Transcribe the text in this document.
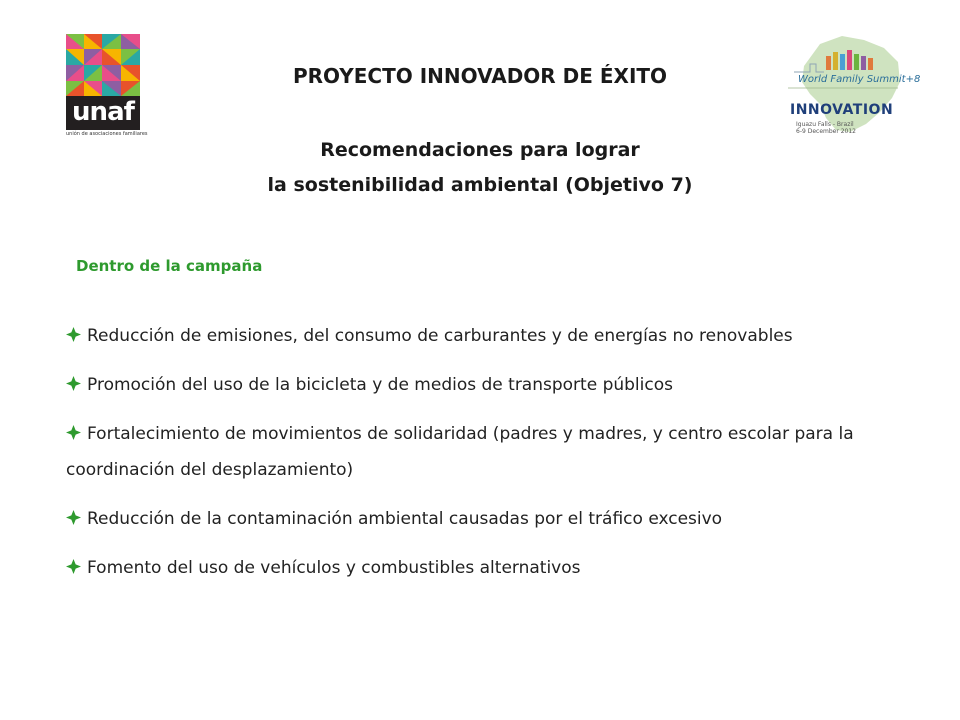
unaf
unión de asociaciones familiares
World Family Summit+8
INNOVATION
Iguazu Falls - Brazil
6-9 December 2012
PROYECTO INNOVADOR DE ÉXITO
Recomendaciones para lograr
la sostenibilidad ambiental (Objetivo 7)
Dentro de la campaña
Reducción de emisiones, del consumo de carburantes y de energías no renovables
Promoción del uso de la bicicleta y de medios de transporte públicos
Fortalecimiento de movimientos de solidaridad (padres y madres, y centro escolar para la coordinación del desplazamiento)
Reducción de la contaminación ambiental causadas por el tráfico excesivo
Fomento del uso de vehículos y combustibles alternativos
